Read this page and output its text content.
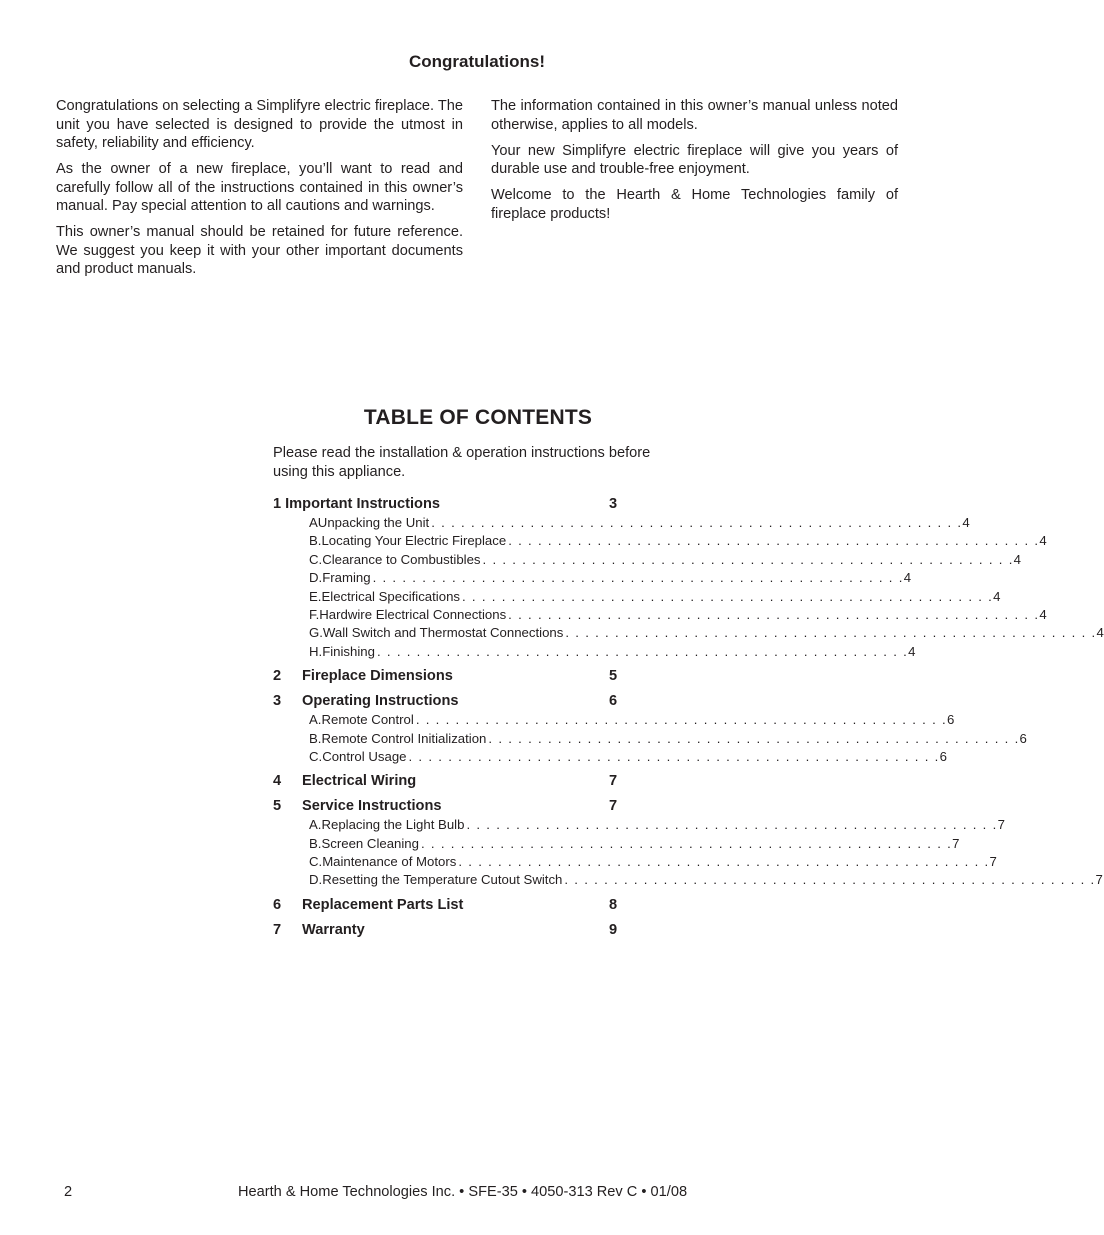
Congratulations!

Congratulations on selecting a Simplifyre electric fireplace. The unit you have selected is designed to provide the utmost in safety, reliability and efficiency.

As the owner of a new fireplace, you’ll want to read and carefully follow all of the instructions contained in this owner’s manual. Pay special attention to all cautions and warnings.

This owner’s manual should be retained for future reference. We suggest you keep it with your other important documents and product manuals.

The information contained in this owner’s manual unless noted otherwise, applies to all models.

Your new Simplifyre electric fireplace will give you years of durable use and trouble-free enjoyment.

Welcome to the Hearth & Home Technologies family of fireplace products!

TABLE OF CONTENTS
Please read the installation & operation instructions before using this appliance.
1 Important Instructions	3
A Unpacking the Unit . . . . . . . . . . . . . . . . . . . . . . . . . . . . . . . . . . . . . . . . . . . . . . . . . . . . . . 4
B. Locating Your Electric Fireplace . . . . . . . . . . . . . . . . . . . . . . . . . . . . . . . . . . . . . . . . . . . . . . . . . . . . . . 4
C. Clearance to Combustibles . . . . . . . . . . . . . . . . . . . . . . . . . . . . . . . . . . . . . . . . . . . . . . . . . . . . . . 4
D. Framing . . . . . . . . . . . . . . . . . . . . . . . . . . . . . . . . . . . . . . . . . . . . . . . . . . . . . . 4
E. Electrical Specifications . . . . . . . . . . . . . . . . . . . . . . . . . . . . . . . . . . . . . . . . . . . . . . . . . . . . . . 4
F. Hardwire Electrical Connections . . . . . . . . . . . . . . . . . . . . . . . . . . . . . . . . . . . . . . . . . . . . . . . . . . . . . . 4
G. Wall Switch and Thermostat Connections . . . . . . . . . . . . . . . . . . . . . . . . . . . . . . . . . . . . . . . . . . . . . . . . . . . . . . 4
H. Finishing . . . . . . . . . . . . . . . . . . . . . . . . . . . . . . . . . . . . . . . . . . . . . . . . . . . . . . 4
2	Fireplace Dimensions	5
3	Operating Instructions	6
A. Remote Control . . . . . . . . . . . . . . . . . . . . . . . . . . . . . . . . . . . . . . . . . . . . . . . . . . . . . . 6
B. Remote Control Initialization . . . . . . . . . . . . . . . . . . . . . . . . . . . . . . . . . . . . . . . . . . . . . . . . . . . . . . 6
C. Control Usage . . . . . . . . . . . . . . . . . . . . . . . . . . . . . . . . . . . . . . . . . . . . . . . . . . . . . . 6
4	Electrical Wiring	7
5	Service Instructions	7
A. Replacing the Light Bulb . . . . . . . . . . . . . . . . . . . . . . . . . . . . . . . . . . . . . . . . . . . . . . . . . . . . . . 7
B. Screen Cleaning . . . . . . . . . . . . . . . . . . . . . . . . . . . . . . . . . . . . . . . . . . . . . . . . . . . . . . 7
C. Maintenance of Motors . . . . . . . . . . . . . . . . . . . . . . . . . . . . . . . . . . . . . . . . . . . . . . . . . . . . . . 7
D. Resetting the Temperature Cutout Switch . . . . . . . . . . . . . . . . . . . . . . . . . . . . . . . . . . . . . . . . . . . . . . . . . . . . . . 7
6	Replacement Parts List	8
7	Warranty	9
2	Hearth & Home Technologies Inc. • SFE-35 • 4050-313 Rev C • 01/08
